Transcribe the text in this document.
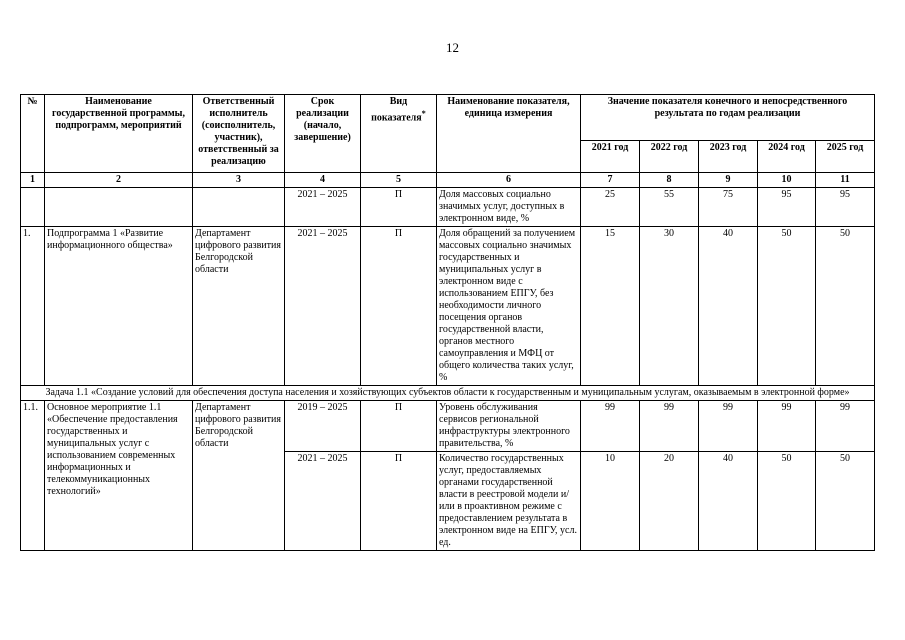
12
№	Наименование государственной программы, подпрограмм, мероприятий	Ответственный исполнитель (соисполнитель, участник), ответственный за реализацию	Срок реализации (начало, завершение)	Вид показателя*	Наименование показателя, единица измерения	Значение показателя конечного и непосредственного результата по годам реализации				
						2021 год	2022 год	2023 год	2024 год	2025 год
1	2	3	4	5	6	7	8	9	10	11
			2021 – 2025	П	Доля массовых социально значимых услуг, доступных в электронном виде, %	25	55	75	95	95
1.	Подпрограмма 1 «Развитие информационного общества»	Департамент цифрового развития Белгородской области	2021 – 2025	П	Доля обращений за получением массовых социально значимых государственных и муниципальных услуг в электронном виде с использованием ЕПГУ, без необходимости личного посещения органов государственной власти, органов местного самоуправления и МФЦ от общего количества таких услуг, %	15	30	40	50	50
Задача 1.1 «Создание условий для обеспечения доступа населения и хозяйствующих субъектов области к государственным и муниципальным услугам, оказываемым в электронной форме»										
1.1.	Основное мероприятие 1.1 «Обеспечение предоставления государственных и муниципальных услуг с использованием современных информационных и телекоммуникационных технологий»	Департамент цифрового развития Белгородской области	2019 – 2025	П	Уровень обслуживания сервисов региональной инфраструктуры электронного правительства, %	99	99	99	99	99
			2021 – 2025	П	Количество государственных услуг, предоставляемых органами государственной власти в реестровой модели и/или в проактивном режиме с предоставлением результата в электронном виде на ЕПГУ, усл. ед.	10	20	40	50	50
